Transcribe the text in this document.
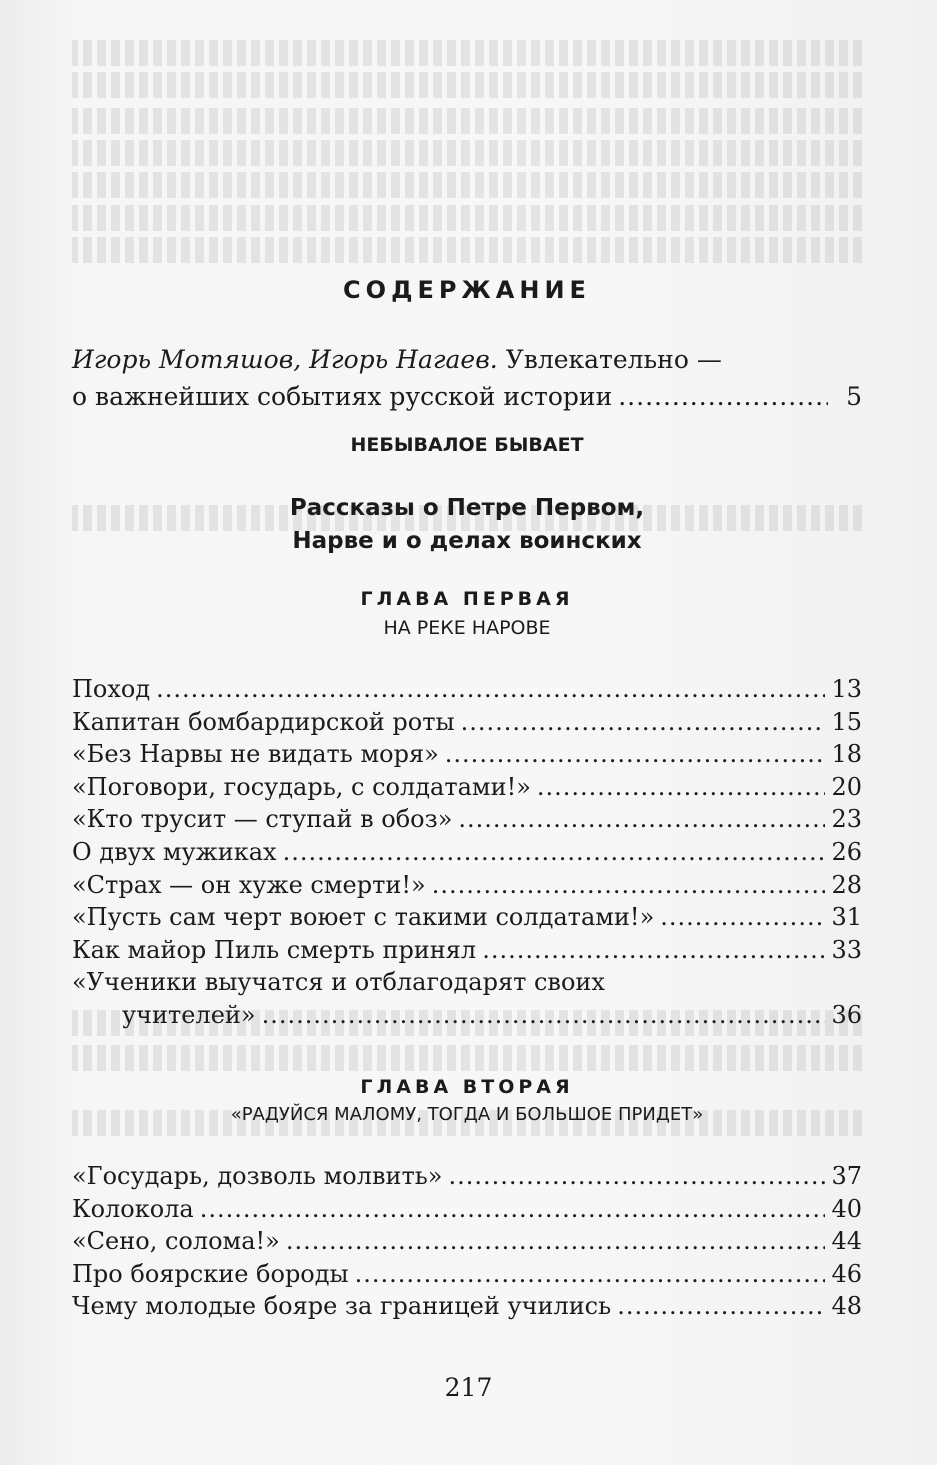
СОДЕРЖАНИЕ
Игорь Мотяшов, Игорь Нагаев. Увлекательно —
о важнейших событиях русской истории .....	5
НЕБЫВАЛОЕ БЫВАЕТ
Рассказы о Петре Первом,
Нарве и о делах воинских
ГЛАВА ПЕРВАЯ
НА РЕКЕ НАРОВЕ
Поход .....	13
Капитан бомбардирской роты .....	15
«Без Нарвы не видать моря» .....	18
«Поговори, государь, с солдатами!» .....	20
«Кто трусит — ступай в обоз» .....	23
О двух мужиках .....	26
«Страх — он хуже смерти!» .....	28
«Пусть сам черт воюет с такими солдатами!» .....	31
Как майор Пиль смерть принял .....	33
«Ученики выучатся и отблагодарят своих
учителей» .....	36
ГЛАВА ВТОРАЯ
«РАДУЙСЯ МАЛОМУ, ТОГДА И БОЛЬШОЕ ПРИДЕТ»
«Государь, дозволь молвить» .....	37
Колокола .....	40
«Сено, солома!» .....	44
Про боярские бороды .....	46
Чему молодые бояре за границей учились .....	48
217
